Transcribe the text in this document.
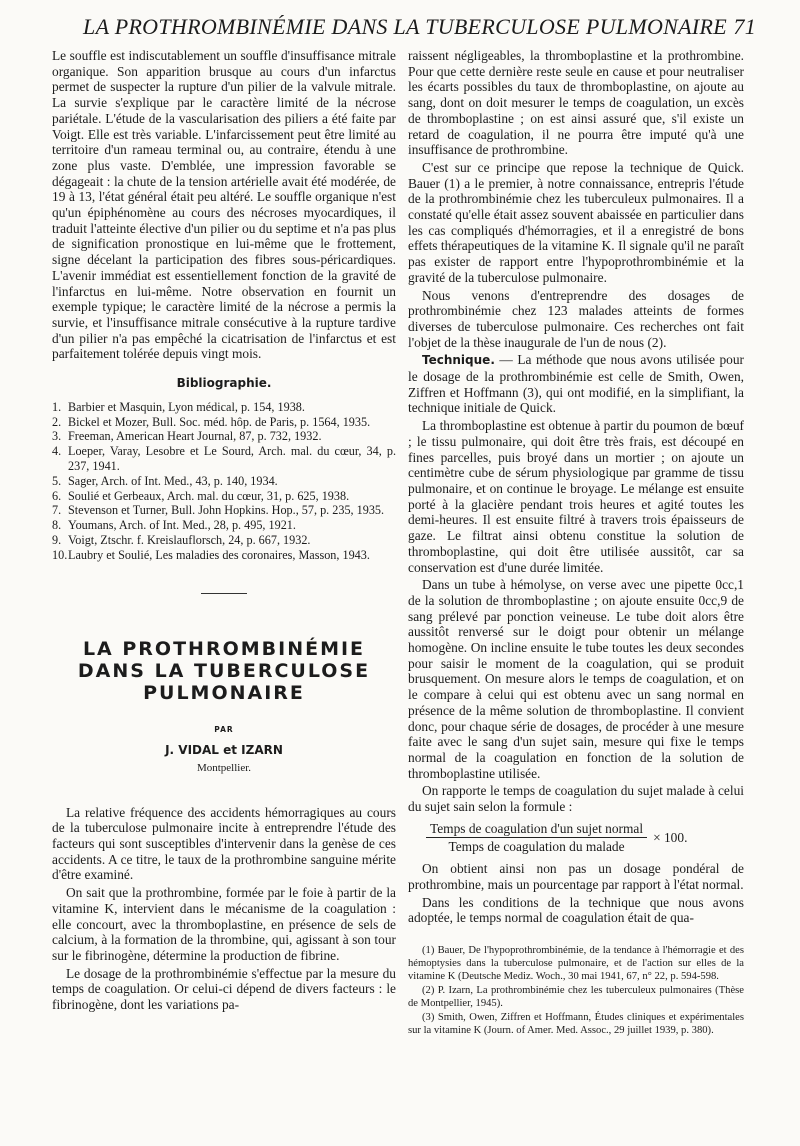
LA PROTHROMBINÉMIE DANS LA TUBERCULOSE PULMONAIRE 71

Le souffle est indiscutablement un souffle d'insuffisance mitrale organique. Son apparition brusque au cours d'un infarctus permet de suspecter la rupture d'un pilier de la valvule mitrale. La survie s'explique par le caractère limité de la nécrose pariétale. L'étude de la vascularisation des piliers a été faite par Voigt. Elle est très variable. L'infarcissement peut être limité au territoire d'un rameau terminal ou, au contraire, étendu à une zone plus vaste. D'emblée, une impression favorable se dégageait : la chute de la tension artérielle avait été modérée, de 19 à 13, l'état général était peu altéré. Le souffle organique n'est qu'un épiphénomène au cours des nécroses myocardiques, il traduit l'atteinte élective d'un pilier ou du septime et n'a pas plus de signification pronostique en lui-même que le frottement, signe décelant la participation des fibres sous-péricardiques. L'avenir immédiat est essentiellement fonction de la gravité de l'infarctus en lui-même. Notre observation en fournit un exemple typique; le caractère limité de la nécrose a permis la survie, et l'insuffisance mitrale consécutive à la rupture tardive d'un pilier n'a pas empêché la cicatrisation de l'infarctus et est parfaitement tolérée depuis vingt mois.

Bibliographie.
1. Barbier et Masquin, Lyon médical, p. 154, 1938.
2. Bickel et Mozer, Bull. Soc. méd. hôp. de Paris, p. 1564, 1935.
3. Freeman, American Heart Journal, 87, p. 732, 1932.
4. Loeper, Varay, Lesobre et Le Sourd, Arch. mal. du cœur, 34, p. 237, 1941.
5. Sager, Arch. of Int. Med., 43, p. 140, 1934.
6. Soulié et Gerbeaux, Arch. mal. du cœur, 31, p. 625, 1938.
7. Stevenson et Turner, Bull. John Hopkins. Hop., 57, p. 235, 1935.
8. Youmans, Arch. of Int. Med., 28, p. 495, 1921.
9. Voigt, Ztschr. f. Kreislauflorsch, 24, p. 667, 1932.
10.Laubry et Soulié, Les maladies des coronaires, Masson, 1943.
LA PROTHROMBINÉMIE
DANS LA TUBERCULOSE
PULMONAIRE
PAR
J. VIDAL et IZARN
Montpellier.

La relative fréquence des accidents hémorragiques au cours de la tuberculose pulmonaire incite à entreprendre l'étude des facteurs qui sont susceptibles d'intervenir dans la genèse de ces accidents. A ce titre, le taux de la prothrombine sanguine mérite d'être examiné.

On sait que la prothrombine, formée par le foie à partir de la vitamine K, intervient dans le mécanisme de la coagulation : elle concourt, avec la thromboplastine, en présence de sels de calcium, à la formation de la thrombine, qui, agissant à son tour sur le fibrinogène, détermine la production de fibrine.

Le dosage de la prothrombinémie s'effectue par la mesure du temps de coagulation. Or celui-ci dépend de divers facteurs : le fibrinogène, dont les variations pa-

raissent négligeables, la thromboplastine et la prothrombine. Pour que cette dernière reste seule en cause et pour neutraliser les écarts possibles du taux de thromboplastine, on ajoute au sang, dont on doit mesurer le temps de coagulation, un excès de thromboplastine ; on est ainsi assuré que, s'il existe un retard de coagulation, il ne pourra être imputé qu'à une insuffisance de prothrombine.

C'est sur ce principe que repose la technique de Quick. Bauer (1) a le premier, à notre connaissance, entrepris l'étude de la prothrombinémie chez les tuberculeux pulmonaires. Il a constaté qu'elle était assez souvent abaissée en particulier dans les cas compliqués d'hémorragies, et il a enregistré de bons effets thérapeutiques de la vitamine K. Il signale qu'il ne paraît pas exister de rapport entre l'hypoprothrombinémie et la gravité de la tuberculose pulmonaire.

Nous venons d'entreprendre des dosages de prothrombinémie chez 123 malades atteints de formes diverses de tuberculose pulmonaire. Ces recherches ont fait l'objet de la thèse inaugurale de l'un de nous (2).

Technique. — La méthode que nous avons utilisée pour le dosage de la prothrombinémie est celle de Smith, Owen, Ziffren et Hoffmann (3), qui ont modifié, en la simplifiant, la technique initiale de Quick.

La thromboplastine est obtenue à partir du poumon de bœuf ; le tissu pulmonaire, qui doit être très frais, est découpé en fines parcelles, puis broyé dans un mortier ; on ajoute un centimètre cube de sérum physiologique par gramme de tissu pulmonaire, et on continue le broyage. Le mélange est ensuite porté à la glacière pendant trois heures et agité toutes les demi-heures. Il est ensuite filtré à travers trois épaisseurs de gaze. Le filtrat ainsi obtenu constitue la solution de thromboplastine, qui doit être utilisée aussitôt, car sa conservation est d'une durée limitée.

Dans un tube à hémolyse, on verse avec une pipette 0cc,1 de la solution de thromboplastine ; on ajoute ensuite 0cc,9 de sang prélevé par ponction veineuse. Le tube doit alors être aussitôt renversé sur le doigt pour obtenir un mélange homogène. On incline ensuite le tube toutes les deux secondes pour saisir le moment de la coagulation, qui se produit brusquement. On mesure alors le temps de coagulation, et on le compare à celui qui est obtenu avec un sang normal en présence de la même solution de thromboplastine. Il convient donc, pour chaque série de dosages, de procéder à une mesure faite avec le sang d'un sujet sain, mesure qui fixe le temps normal de la coagulation en fonction de la solution de thromboplastine utilisée.

On rapporte le temps de coagulation du sujet malade à celui du sujet sain selon la formule :

$\frac{\text{Temps de coagulation d'un sujet normal}}{\text{Temps de coagulation du malade}} \times 100$.

On obtient ainsi non pas un dosage pondéral de prothrombine, mais un pourcentage par rapport à l'état normal.

Dans les conditions de la technique que nous avons adoptée, le temps normal de coagulation était de qua-

(1) Bauer, De l'hypoprothrombinémie, de la tendance à l'hémorragie et des hémoptysies dans la tuberculose pulmonaire, et de l'action sur elles de la vitamine K (Deutsche Mediz. Woch., 30 mai 1941, 67, n° 22, p. 594-598.

(2) P. Izarn, La prothrombinémie chez les tuberculeux pulmonaires (Thèse de Montpellier, 1945).

(3) Smith, Owen, Ziffren et Hoffmann, Études cliniques et expérimentales sur la vitamine K (Journ. of Amer. Med. Assoc., 29 juillet 1939, p. 380).
